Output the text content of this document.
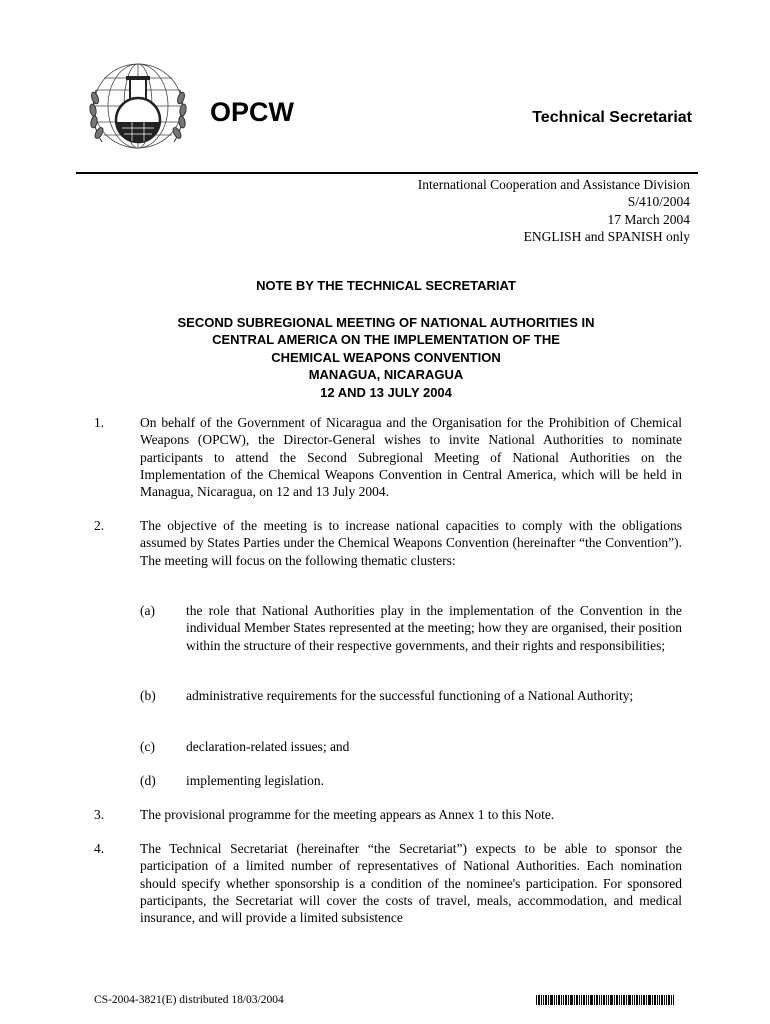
OPCW	Technical Secretariat
International Cooperation and Assistance Division
S/410/2004
17 March 2004
ENGLISH and SPANISH only
NOTE BY THE TECHNICAL SECRETARIAT
SECOND SUBREGIONAL MEETING OF NATIONAL AUTHORITIES IN
CENTRAL AMERICA ON THE IMPLEMENTATION OF THE
CHEMICAL WEAPONS CONVENTION
MANAGUA, NICARAGUA
12 AND 13 JULY 2004
1.	On behalf of the Government of Nicaragua and the Organisation for the Prohibition of Chemical Weapons (OPCW), the Director-General wishes to invite National Authorities to nominate participants to attend the Second Subregional Meeting of National Authorities on the Implementation of the Chemical Weapons Convention in Central America, which will be held in Managua, Nicaragua, on 12 and 13 July 2004.
2.	The objective of the meeting is to increase national capacities to comply with the obligations assumed by States Parties under the Chemical Weapons Convention (hereinafter “the Convention”). The meeting will focus on the following thematic clusters:
(a)	the role that National Authorities play in the implementation of the Convention in the individual Member States represented at the meeting; how they are organised, their position within the structure of their respective governments, and their rights and responsibilities;
(b)	administrative requirements for the successful functioning of a National Authority;
(c)	declaration-related issues; and
(d)	implementing legislation.
3.	The provisional programme for the meeting appears as Annex 1 to this Note.
4.	The Technical Secretariat (hereinafter “the Secretariat”) expects to be able to sponsor the participation of a limited number of representatives of National Authorities. Each nomination should specify whether sponsorship is a condition of the nominee's participation. For sponsored participants, the Secretariat will cover the costs of travel, meals, accommodation, and medical insurance, and will provide a limited subsistence
CS-2004-3821(E) distributed 18/03/2004
